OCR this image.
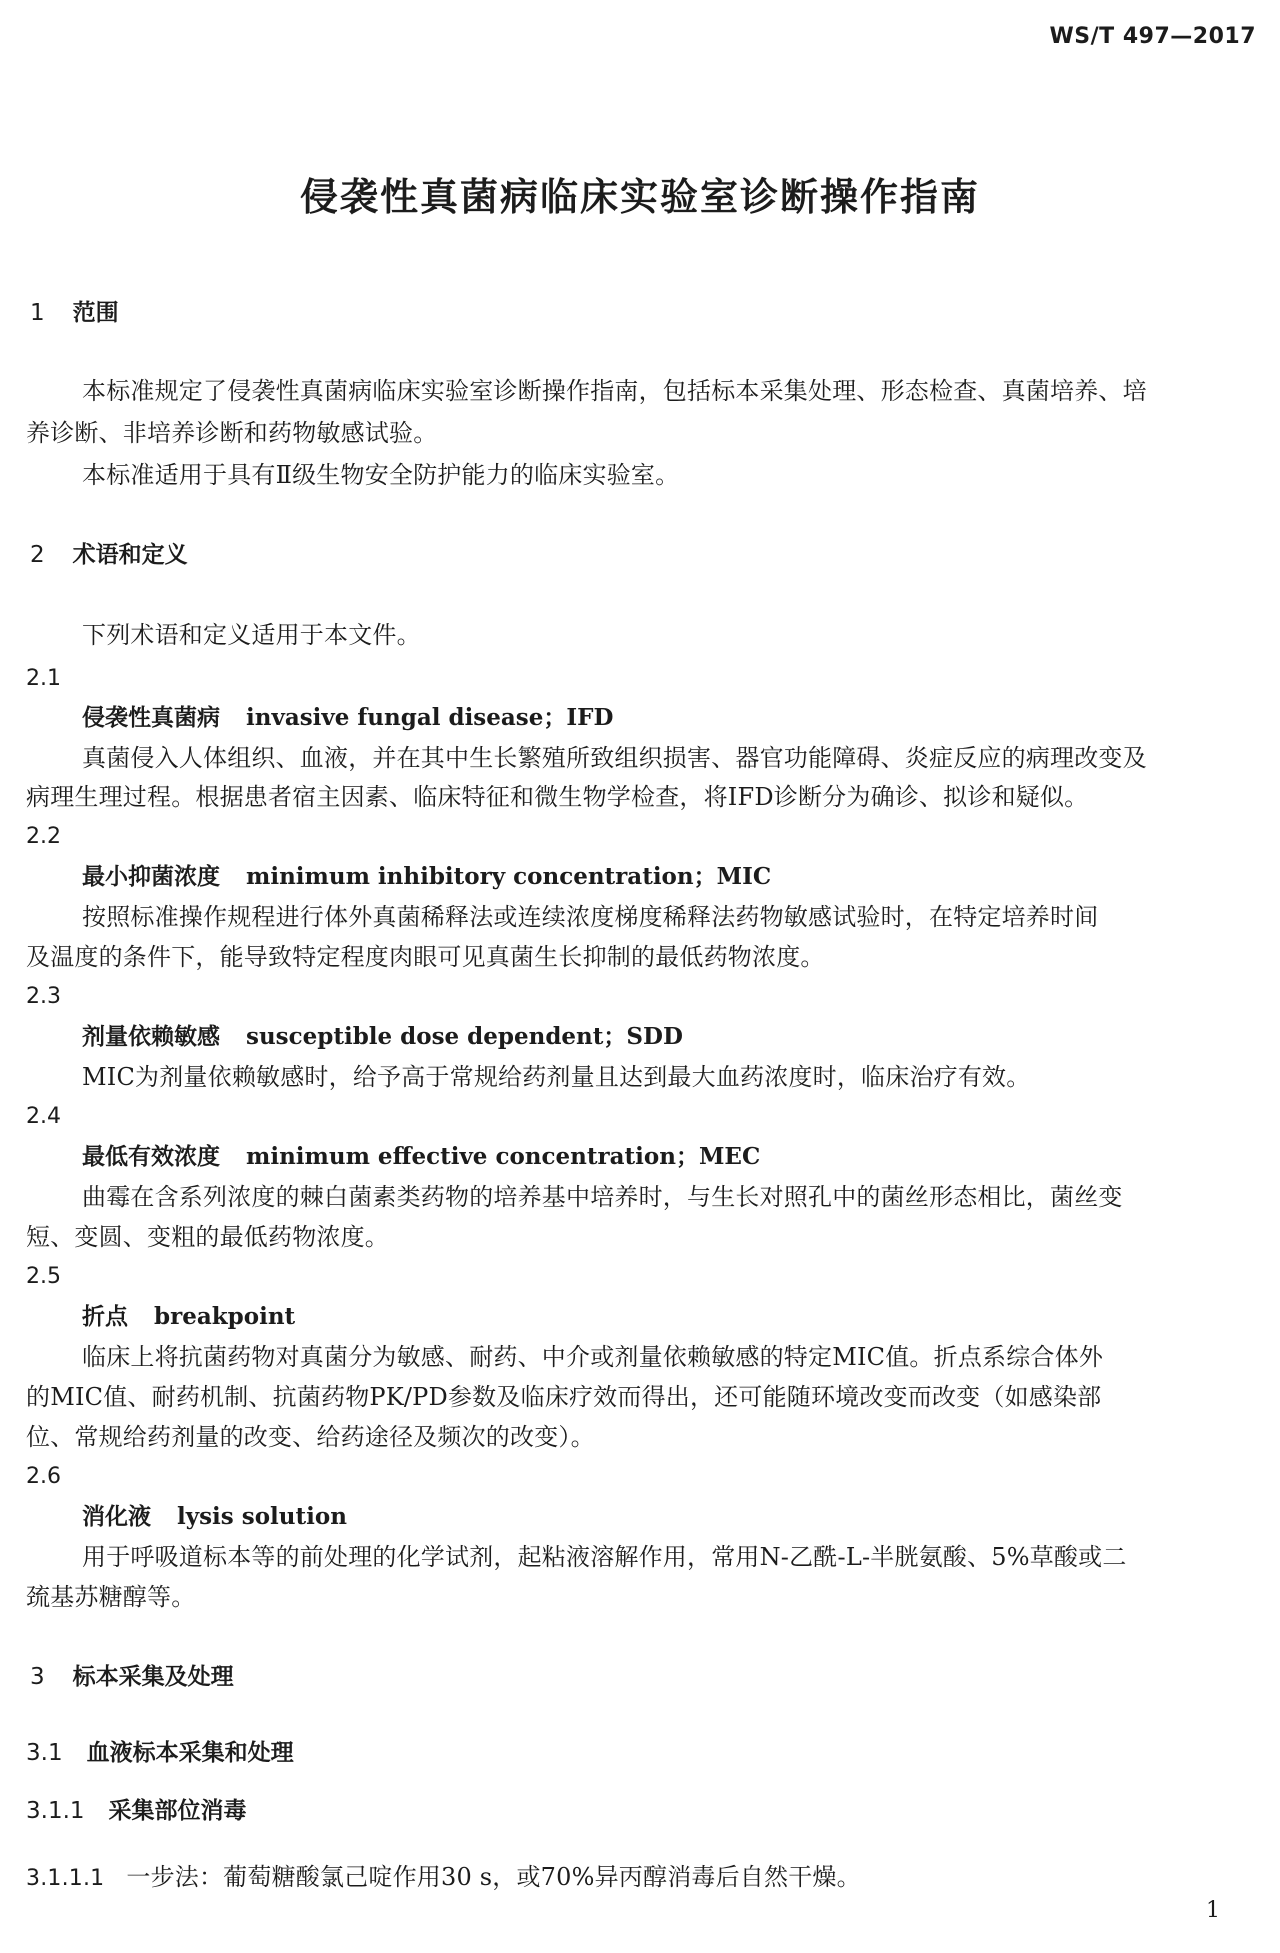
WS/T 497—2017
侵袭性真菌病临床实验室诊断操作指南
1 范围
本标准规定了侵袭性真菌病临床实验室诊断操作指南，包括标本采集处理、形态检查、真菌培养、培
养诊断、非培养诊断和药物敏感试验。
本标准适用于具有Ⅱ级生物安全防护能力的临床实验室。
2 术语和定义
下列术语和定义适用于本文件。
2.1
侵袭性真菌病 invasive fungal disease；IFD
真菌侵入人体组织、血液，并在其中生长繁殖所致组织损害、器官功能障碍、炎症反应的病理改变及
病理生理过程。根据患者宿主因素、临床特征和微生物学检查，将IFD诊断分为确诊、拟诊和疑似。
2.2
最小抑菌浓度 minimum inhibitory concentration；MIC
按照标准操作规程进行体外真菌稀释法或连续浓度梯度稀释法药物敏感试验时，在特定培养时间
及温度的条件下，能导致特定程度肉眼可见真菌生长抑制的最低药物浓度。
2.3
剂量依赖敏感 susceptible dose dependent；SDD
MIC为剂量依赖敏感时，给予高于常规给药剂量且达到最大血药浓度时，临床治疗有效。
2.4
最低有效浓度 minimum effective concentration；MEC
曲霉在含系列浓度的棘白菌素类药物的培养基中培养时，与生长对照孔中的菌丝形态相比，菌丝变
短、变圆、变粗的最低药物浓度。
2.5
折点 breakpoint
临床上将抗菌药物对真菌分为敏感、耐药、中介或剂量依赖敏感的特定MIC值。折点系综合体外
的MIC值、耐药机制、抗菌药物PK/PD参数及临床疗效而得出，还可能随环境改变而改变（如感染部
位、常规给药剂量的改变、给药途径及频次的改变）。
2.6
消化液 lysis solution
用于呼吸道标本等的前处理的化学试剂，起粘液溶解作用，常用N-乙酰-L-半胱氨酸、5%草酸或二
巯基苏糖醇等。
3 标本采集及处理
3.1 血液标本采集和处理
3.1.1 采集部位消毒
3.1.1.1 一步法：葡萄糖酸氯己啶作用30 s，或70%异丙醇消毒后自然干燥。
1
